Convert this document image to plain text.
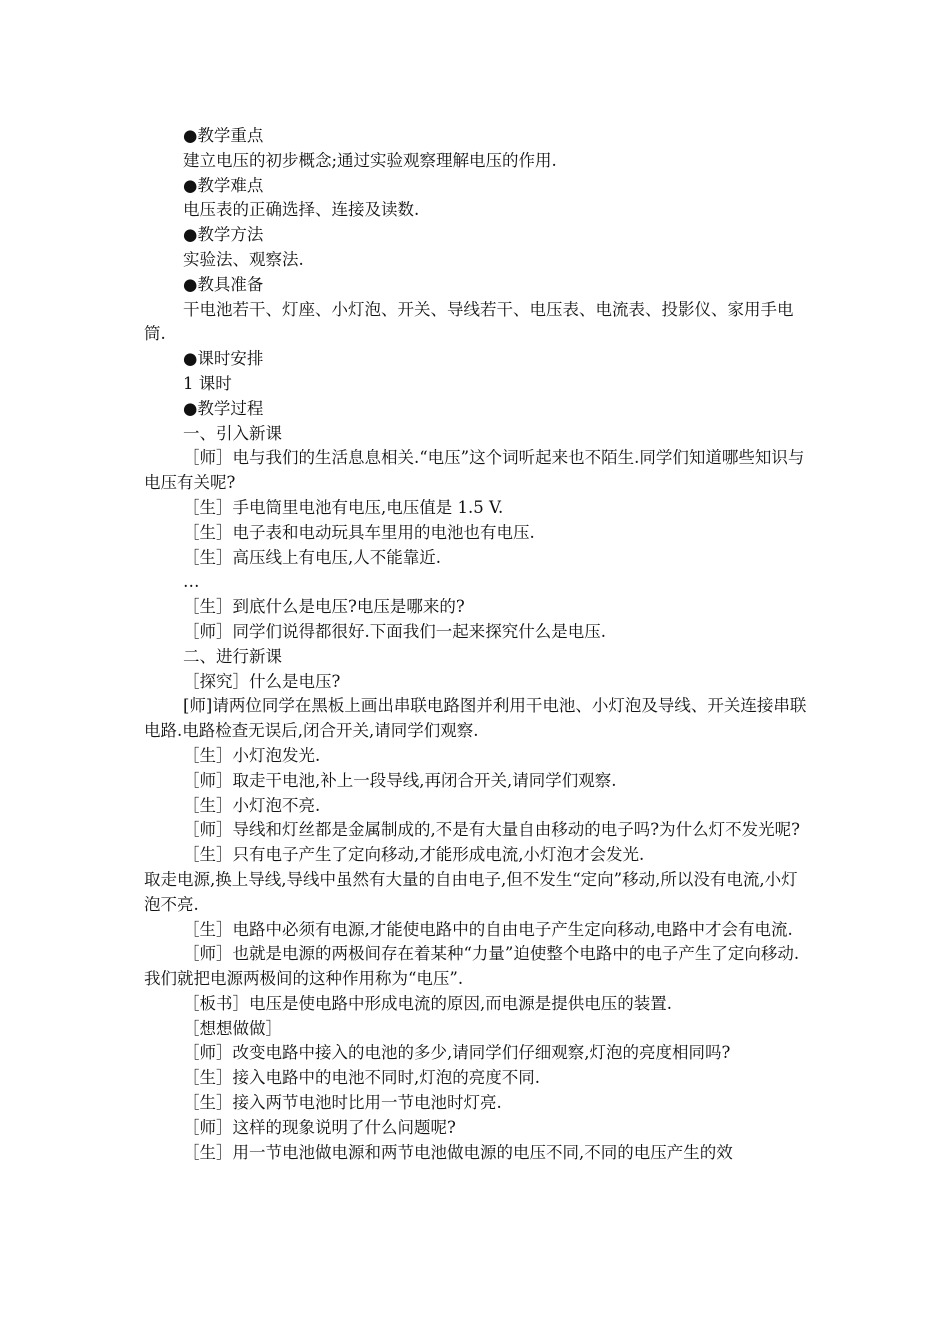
●教学重点

建立电压的初步概念;通过实验观察理解电压的作用.

●教学难点

电压表的正确选择、连接及读数.

●教学方法

实验法、观察法.

●教具准备

干电池若干、灯座、小灯泡、开关、导线若干、电压表、电流表、投影仪、家用手电筒.

●课时安排

1 课时

●教学过程

一、引入新课

［师］电与我们的生活息息相关.“电压”这个词听起来也不陌生.同学们知道哪些知识与电压有关呢?

［生］手电筒里电池有电压,电压值是 1.5 V.

［生］电子表和电动玩具车里用的电池也有电压.

［生］高压线上有电压,人不能靠近.

…

［生］到底什么是电压?电压是哪来的?

［师］同学们说得都很好.下面我们一起来探究什么是电压.

二、进行新课

［探究］什么是电压?

[师]请两位同学在黑板上画出串联电路图并利用干电池、小灯泡及导线、开关连接串联电路.电路检查无误后,闭合开关,请同学们观察.

［生］小灯泡发光.

［师］取走干电池,补上一段导线,再闭合开关,请同学们观察.

［生］小灯泡不亮.

［师］导线和灯丝都是金属制成的,不是有大量自由移动的电子吗?为什么灯不发光呢?

［生］只有电子产生了定向移动,才能形成电流,小灯泡才会发光.

取走电源,换上导线,导线中虽然有大量的自由电子,但不发生“定向”移动,所以没有电流,小灯泡不亮.

［生］电路中必须有电源,才能使电路中的自由电子产生定向移动,电路中才会有电流.

［师］也就是电源的两极间存在着某种“力量”迫使整个电路中的电子产生了定向移动.我们就把电源两极间的这种作用称为“电压”.

［板书］电压是使电路中形成电流的原因,而电源是提供电压的装置.

［想想做做］

［师］改变电路中接入的电池的多少,请同学们仔细观察,灯泡的亮度相同吗?

［生］接入电路中的电池不同时,灯泡的亮度不同.

［生］接入两节电池时比用一节电池时灯亮.

［师］这样的现象说明了什么问题呢?

［生］用一节电池做电源和两节电池做电源的电压不同,不同的电压产生的效
